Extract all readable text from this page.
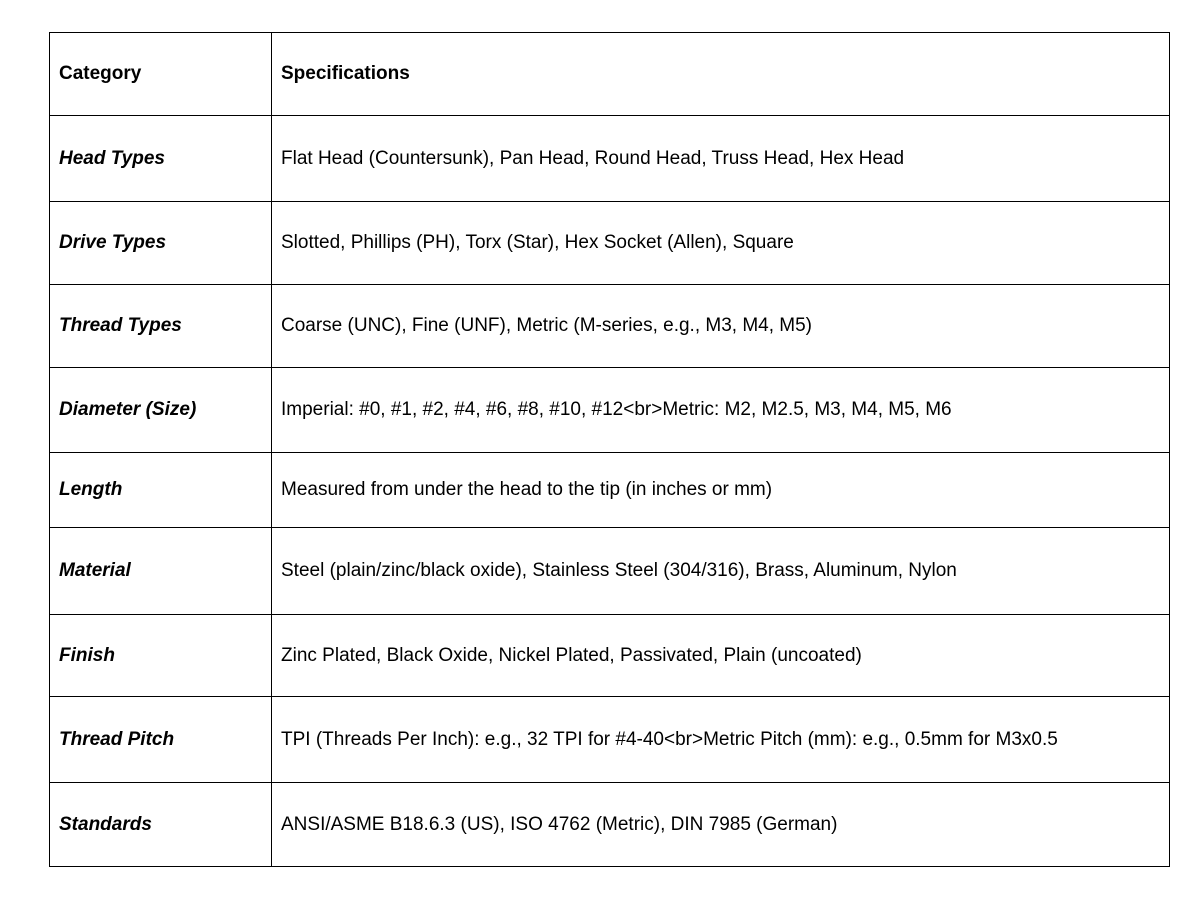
Category	Specifications
Head Types	Flat Head (Countersunk), Pan Head, Round Head, Truss Head, Hex Head
Drive Types	Slotted, Phillips (PH), Torx (Star), Hex Socket (Allen), Square
Thread Types	Coarse (UNC), Fine (UNF), Metric (M-series, e.g., M3, M4, M5)
Diameter (Size)	Imperial: #0, #1, #2, #4, #6, #8, #10, #12<br>Metric: M2, M2.5, M3, M4, M5, M6
Length	Measured from under the head to the tip (in inches or mm)
Material	Steel (plain/zinc/black oxide), Stainless Steel (304/316), Brass, Aluminum, Nylon
Finish	Zinc Plated, Black Oxide, Nickel Plated, Passivated, Plain (uncoated)
Thread Pitch	TPI (Threads Per Inch): e.g., 32 TPI for #4-40<br>Metric Pitch (mm): e.g., 0.5mm for M3x0.5
Standards	ANSI/ASME B18.6.3 (US), ISO 4762 (Metric), DIN 7985 (German)
